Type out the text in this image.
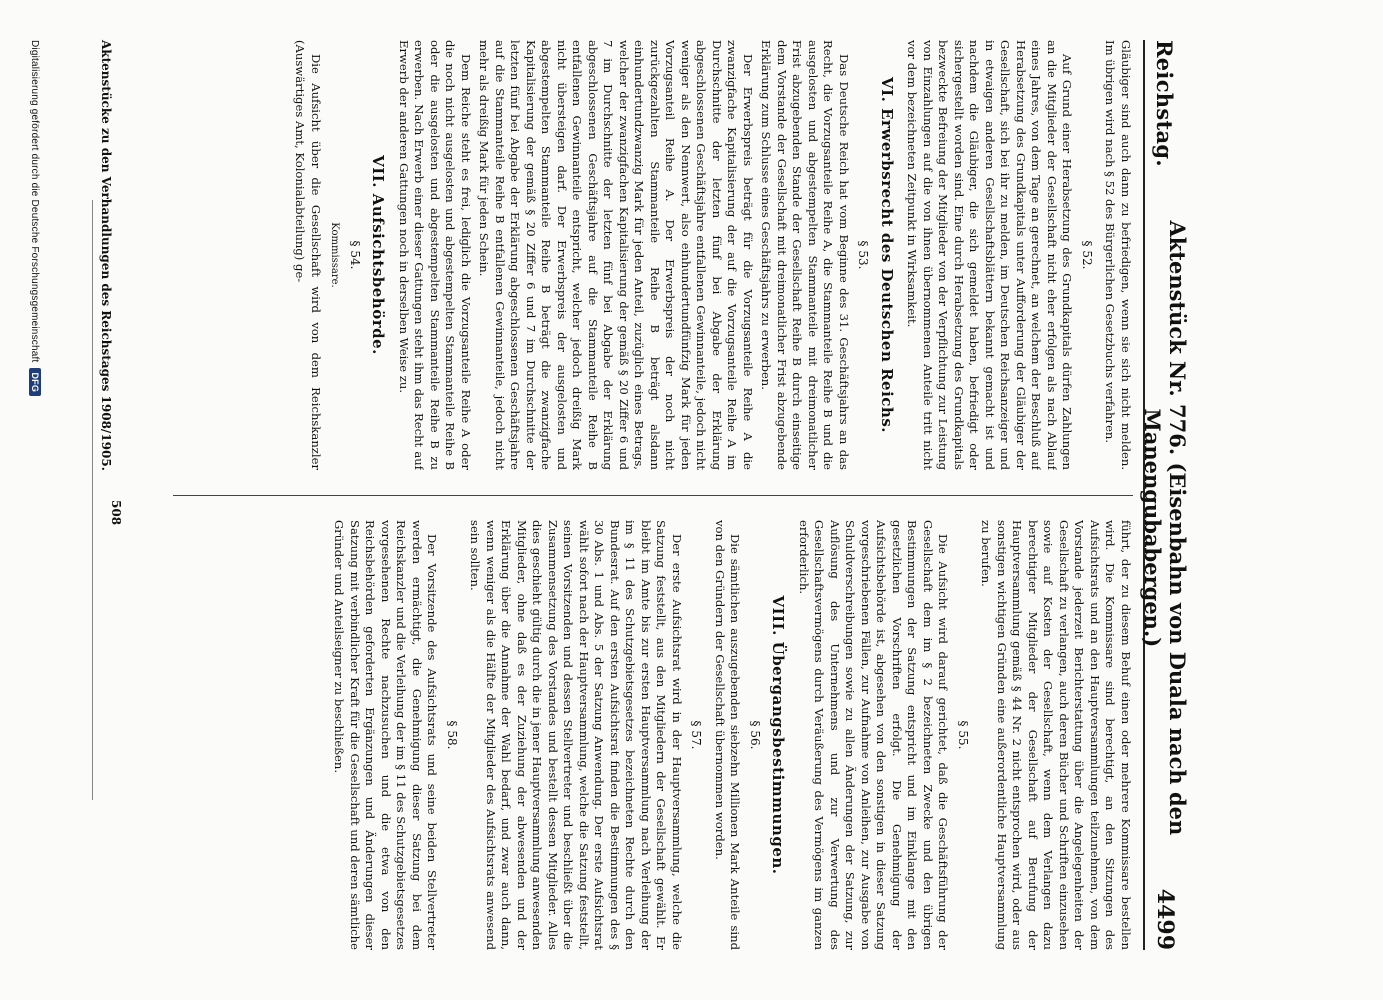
Reichstag.
Aktenstück Nr. 776. (Eisenbahn von Duala nach den Manengubabergen.)
4499

Gläubiger sind auch dann zu befriedigen, wenn sie sich nicht melden. Im übrigen wird nach § 52 des Bürgerlichen Gesetzbuchs verfahren.

§ 52.

Auf Grund einer Herabsetzung des Grundkapitals dürfen Zahlungen an die Mitglieder der Gesellschaft nicht eher erfolgen als nach Ablauf eines Jahres, von dem Tage an gerechnet, an welchem der Beschluß auf Herabsetzung des Grundkapitals unter Aufforderung der Gläubiger der Gesellschaft, sich bei ihr zu melden, im Deutschen Reichsanzeiger und in etwaigen anderen Gesellschaftsblättern bekannt gemacht ist und nachdem die Gläubiger, die sich gemeldet haben, befriedigt oder sichergestellt worden sind. Eine durch Herabsetzung des Grundkapitals bezweckte Befreiung der Mitglieder von der Verpflichtung zur Leistung von Einzahlungen auf die von ihnen übernommenen Anteile tritt nicht vor dem bezeichneten Zeitpunkt in Wirksamkeit.

VI. Erwerbsrecht des Deutschen Reichs.
§ 53.

Das Deutsche Reich hat vom Beginne des 31. Geschäftsjahrs an das Recht, die Vorzugsanteile Reihe A, die Stammanteile Reihe B und die ausgelosten und abgestempelten Stammanteile mit dreimonatlicher Frist abzugebenden Stande der Gesellschaft Reihe B durch einseitige dem Vorstande der Gesellschaft mit dreimonatlicher Frist abzugebende Erklärung zum Schlusse eines Geschäftsjahrs zu erwerben.

Der Erwerbspreis beträgt für die Vorzugsanteile Reihe A die zwanzigfache Kapitalisierung der auf die Vorzugsanteile Reihe A im Durchschnitte der letzten fünf bei Abgabe der Erklärung abgeschlossenen Geschäftsjahre entfallenen Gewinnanteile, jedoch nicht weniger als den Nennwert, also einhundertundfünfzig Mark für jeden Vorzugsanteil Reihe A. Der Erwerbspreis der noch nicht zurückgezahlten Stammanteile Reihe B beträgt alsdann einhundertundzwanzig Mark für jeden Anteil, zuzüglich eines Betrags, welcher der zwanzigfachen Kapitalisierung der gemäß § 20 Ziffer 6 und 7 im Durchschnitte der letzten fünf bei Abgabe der Erklärung abgeschlossenen Geschäftsjahre auf die Stammanteile Reihe B entfallenen Gewinnanteile entspricht, welcher jedoch dreißig Mark nicht übersteigen darf. Der Erwerbspreis der ausgelosten und abgestempelten Stammanteile Reihe B beträgt die zwanzigfache Kapitalisierung der gemäß § 20 Ziffer 6 und 7 im Durchschnitte der letzten fünf bei Abgabe der Erklärung abgeschlossenen Geschäftsjahre auf die Stammanteile Reihe B entfallenen Gewinnanteile, jedoch nicht mehr als dreißig Mark für jeden Schein.

Dem Reiche steht es frei, lediglich die Vorzugsanteile Reihe A oder die noch nicht ausgelosten und abgestempelten Stammanteile Reihe B oder die ausgelosten und abgestempelten Stammanteile Reihe B zu erwerben. Nach Erwerb einer dieser Gattungen steht ihm das Recht auf Erwerb der anderen Gattungen noch in derselben Weise zu.

VII. Aufsichtsbehörde.
§ 54.
Kommissare.

Die Aufsicht über die Gesellschaft wird von dem Reichskanzler (Auswärtiges Amt, Kolonialabteilung) ge-

führt, der zu diesem Behuf einen oder mehrere Kommissare bestellen wird. Die Kommissare sind berechtigt, an den Sitzungen des Aufsichtsrats und an den Hauptversammlungen teilzunehmen, von dem Vorstande jederzeit Berichterstattung über die Angelegenheiten der Gesellschaft zu verlangen, auch deren Bücher und Schriften einzusehen sowie auf Kosten der Gesellschaft, wenn dem Verlangen dazu berechtigter Mitglieder der Gesellschaft auf Berufung der Hauptversammlung gemäß § 44 Nr. 2 nicht entsprochen wird, oder aus sonstigen wichtigen Gründen eine außerordentliche Hauptversammlung zu berufen.

§ 55.

Die Aufsicht wird darauf gerichtet, daß die Geschäftsführung der Gesellschaft dem im § 2 bezeichneten Zwecke und den übrigen Bestimmungen der Satzung entspricht und im Einklange mit den gesetzlichen Vorschriften erfolgt. Die Genehmigung der Aufsichtsbehörde ist, abgesehen von den sonstigen in dieser Satzung vorgeschriebenen Fällen, zur Aufnahme von Anleihen, zur Ausgabe von Schuldverschreibungen sowie zu allen Änderungen der Satzung, zur Auflösung des Unternehmens und zur Verwertung des Gesellschaftsvermögens durch Veräußerung des Vermögens im ganzen erforderlich.

VIII. Übergangsbestimmungen.
§ 56.

Die sämtlichen auszugebenden siebzehn Millionen Mark Anteile sind von den Gründern der Gesellschaft übernommen worden.

§ 57.

Der erste Aufsichtsrat wird in der Hauptversammlung, welche die Satzung feststellt, aus den Mitgliedern der Gesellschaft gewählt. Er bleibt im Amte bis zur ersten Hauptversammlung nach Verleihung der im § 11 des Schutzgebietsgesetzes bezeichneten Rechte durch den Bundesrat. Auf den ersten Aufsichtsrat finden die Bestimmungen des § 30 Abs. 1 und Abs. 5 der Satzung Anwendung. Der erste Aufsichtsrat wählt sofort nach der Hauptversammlung, welche die Satzung feststellt, seinen Vorsitzenden und dessen Stellvertreter und beschließt über die Zusammensetzung des Vorstandes und bestellt dessen Mitglieder. Alles dies geschieht gültig durch die in jener Hauptversammlung anwesenden Mitglieder, ohne daß es der Zuziehung der abwesenden und der Erklärung über die Annahme der Wahl bedarf, und zwar auch dann, wenn weniger als die Hälfte der Mitglieder des Aufsichtsrats anwesend sein sollten.

§ 58.

Der Vorsitzende des Aufsichtsrats und seine beiden Stellvertreter werden ermächtigt, die Genehmigung dieser Satzung bei dem Reichskanzler und die Verleihung der im § 11 des Schutzgebietsgesetzes vorgesehenen Rechte nachzusuchen und die etwa von den Reichsbehörden geforderten Ergänzungen und Änderungen dieser Satzung mit verbindlicher Kraft für die Gesellschaft und deren sämtliche Gründer und Anteilseigner zu beschließen.

Aktenstücke zu den Verhandlungen des Reichstages 1908/1905.
508
Digitalisierung gefördert durch die Deutsche Forschungsgemeinschaft
DFG
